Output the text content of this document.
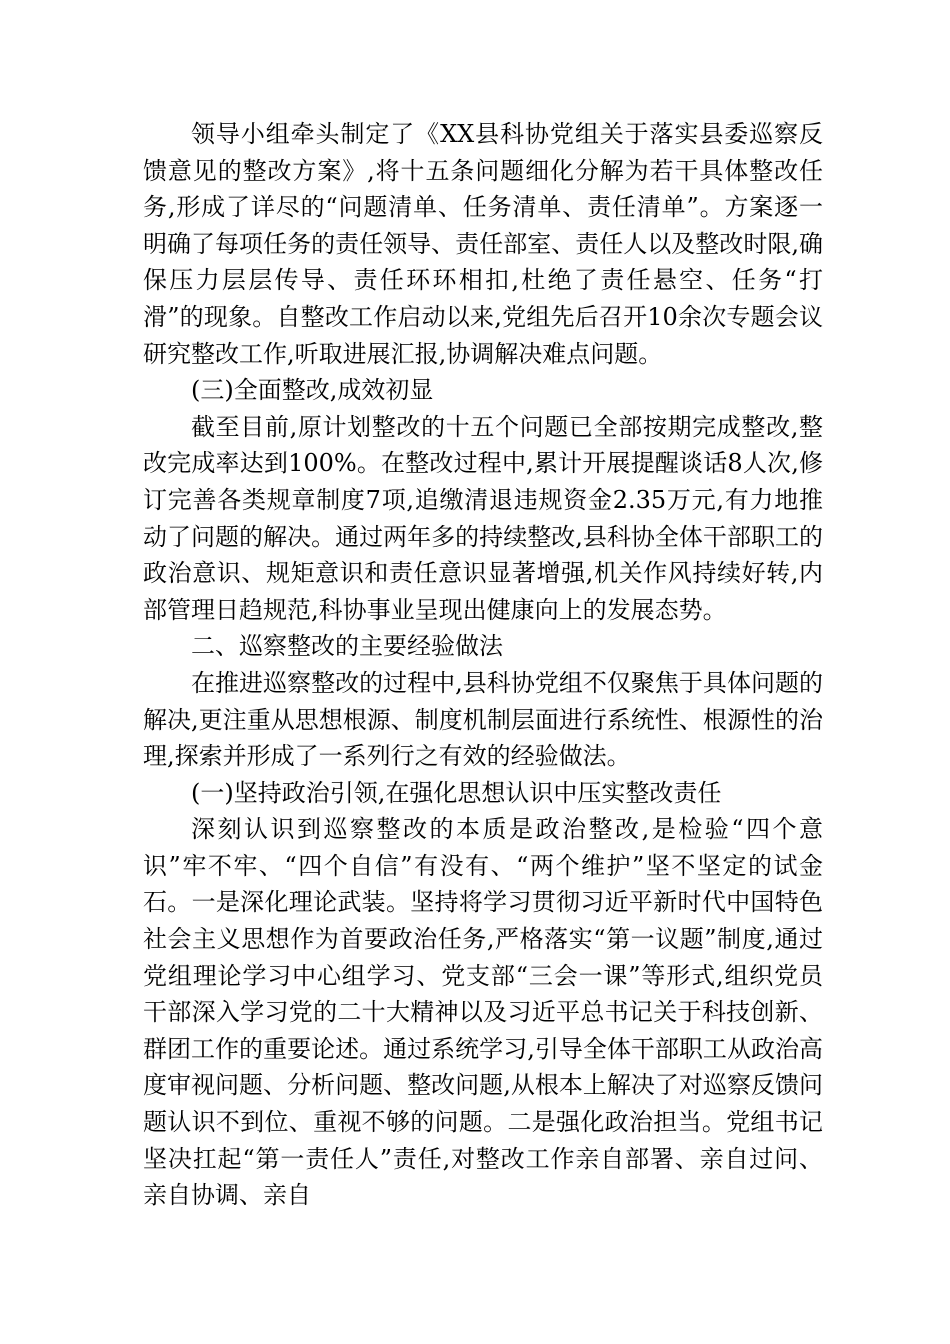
领导小组牵头制定了《XX县科协党组关于落实县委巡察反馈意见的整改方案》,将十五条问题细化分解为若干具体整改任务,形成了详尽的“问题清单、任务清单、责任清单”。方案逐一明确了每项任务的责任领导、责任部室、责任人以及整改时限,确保压力层层传导、责任环环相扣,杜绝了责任悬空、任务“打滑”的现象。自整改工作启动以来,党组先后召开10余次专题会议研究整改工作,听取进展汇报,协调解决难点问题。

(三)全面整改,成效初显

截至目前,原计划整改的十五个问题已全部按期完成整改,整改完成率达到100%。在整改过程中,累计开展提醒谈话8人次,修订完善各类规章制度7项,追缴清退违规资金2.35万元,有力地推动了问题的解决。通过两年多的持续整改,县科协全体干部职工的政治意识、规矩意识和责任意识显著增强,机关作风持续好转,内部管理日趋规范,科协事业呈现出健康向上的发展态势。

二、巡察整改的主要经验做法

在推进巡察整改的过程中,县科协党组不仅聚焦于具体问题的解决,更注重从思想根源、制度机制层面进行系统性、根源性的治理,探索并形成了一系列行之有效的经验做法。

(一)坚持政治引领,在强化思想认识中压实整改责任

深刻认识到巡察整改的本质是政治整改,是检验“四个意识”牢不牢、“四个自信”有没有、“两个维护”坚不坚定的试金石。一是深化理论武装。坚持将学习贯彻习近平新时代中国特色社会主义思想作为首要政治任务,严格落实“第一议题”制度,通过党组理论学习中心组学习、党支部“三会一课”等形式,组织党员干部深入学习党的二十大精神以及习近平总书记关于科技创新、群团工作的重要论述。通过系统学习,引导全体干部职工从政治高度审视问题、分析问题、整改问题,从根本上解决了对巡察反馈问题认识不到位、重视不够的问题。二是强化政治担当。党组书记坚决扛起“第一责任人”责任,对整改工作亲自部署、亲自过问、亲自协调、亲自
